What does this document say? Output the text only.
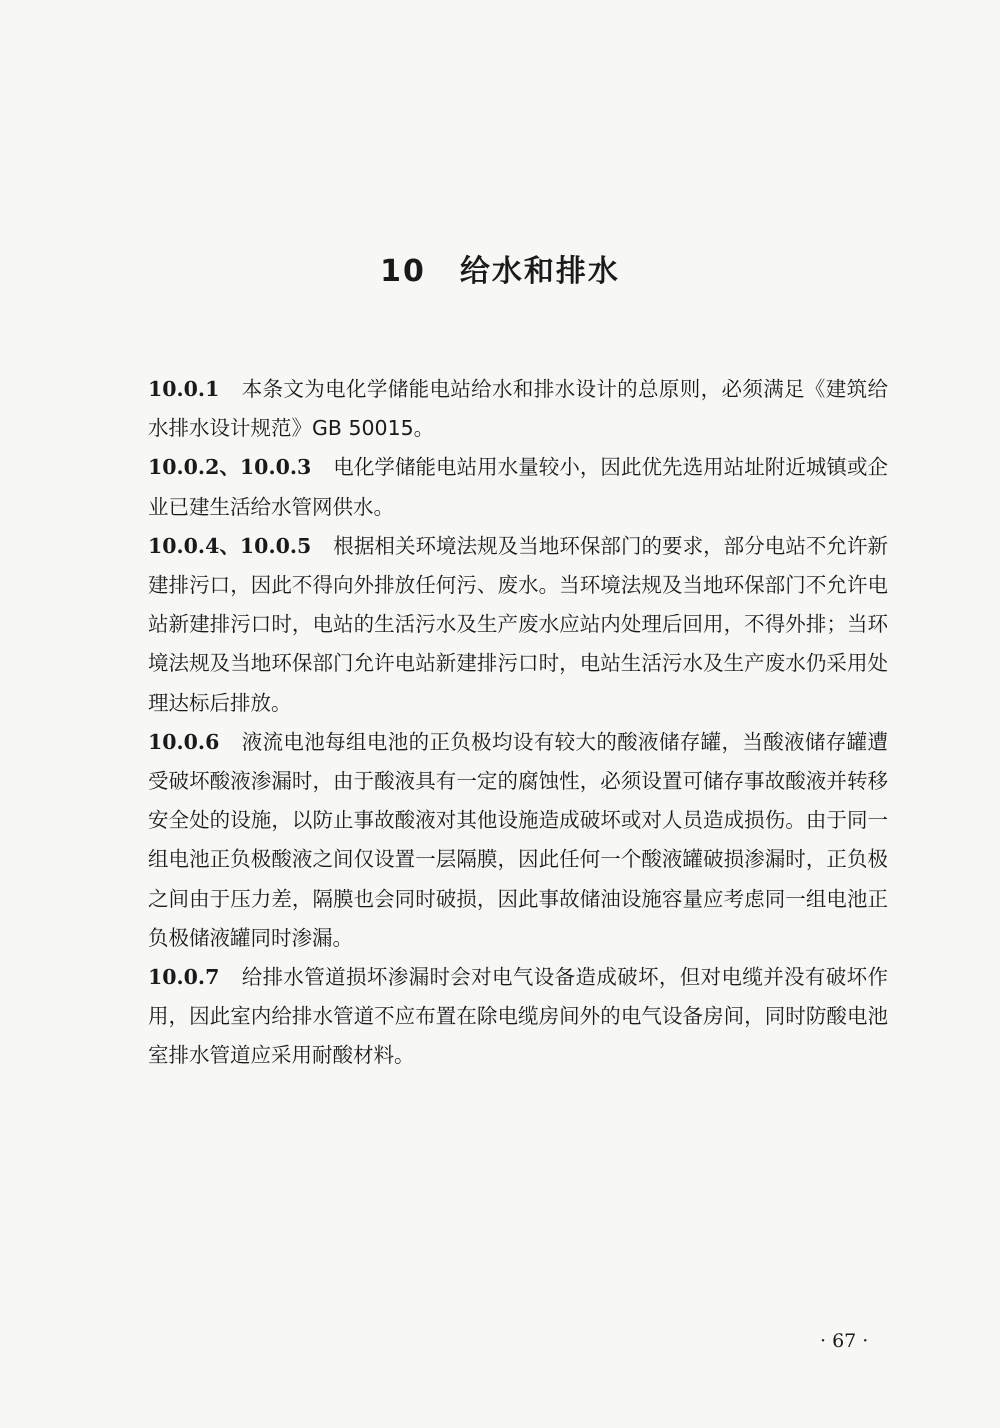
10 给水和排水

10.0.1 本条文为电化学储能电站给水和排水设计的总原则，必须满足《建筑给水排水设计规范》GB 50015。

10.0.2、10.0.3 电化学储能电站用水量较小，因此优先选用站址附近城镇或企业已建生活给水管网供水。

10.0.4、10.0.5 根据相关环境法规及当地环保部门的要求，部分电站不允许新建排污口，因此不得向外排放任何污、废水。当环境法规及当地环保部门不允许电站新建排污口时，电站的生活污水及生产废水应站内处理后回用，不得外排；当环境法规及当地环保部门允许电站新建排污口时，电站生活污水及生产废水仍采用处理达标后排放。

10.0.6 液流电池每组电池的正负极均设有较大的酸液储存罐，当酸液储存罐遭受破坏酸液渗漏时，由于酸液具有一定的腐蚀性，必须设置可储存事故酸液并转移安全处的设施，以防止事故酸液对其他设施造成破坏或对人员造成损伤。由于同一组电池正负极酸液之间仅设置一层隔膜，因此任何一个酸液罐破损渗漏时，正负极之间由于压力差，隔膜也会同时破损，因此事故储油设施容量应考虑同一组电池正负极储液罐同时渗漏。

10.0.7 给排水管道损坏渗漏时会对电气设备造成破坏，但对电缆并没有破坏作用，因此室内给排水管道不应布置在除电缆房间外的电气设备房间，同时防酸电池室排水管道应采用耐酸材料。

· 67 ·
